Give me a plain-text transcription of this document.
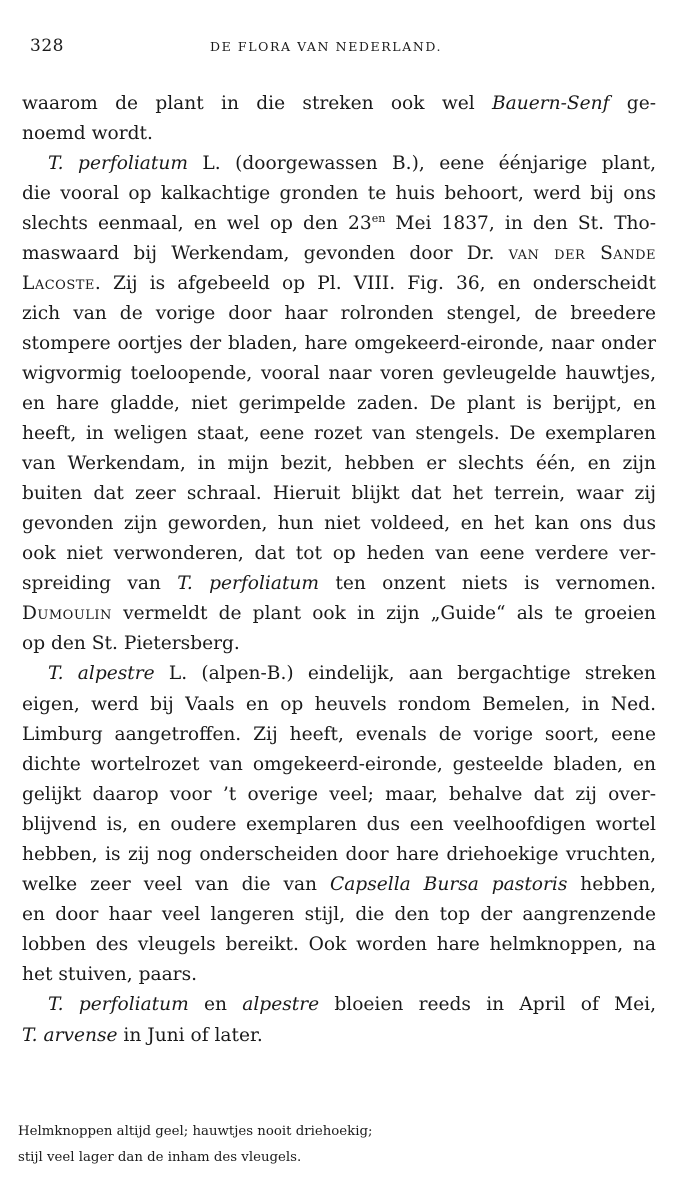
328	DE FLORA VAN NEDERLAND.
waarom de plant in die streken ook wel Bauern-Senf ge-
noemd wordt.
T. perfoliatum L. (doorgewassen B.), eene éénjarige plant,
die vooral op kalkachtige gronden te huis behoort, werd bij ons
slechts eenmaal, en wel op den $23^{en}$ Mei 1837, in den St. Tho-
maswaard bij Werkendam, gevonden door Dr. van der Sande
Lacoste. Zij is afgebeeld op Pl. VIII. Fig. 36, en onderscheidt
zich van de vorige door haar rolronden stengel, de breedere
stompere oortjes der bladen, hare omgekeerd-eironde, naar onder
wigvormig toeloopende, vooral naar voren gevleugelde hauwtjes,
en hare gladde, niet gerimpelde zaden. De plant is berijpt, en
heeft, in weligen staat, eene rozet van stengels. De exemplaren
van Werkendam, in mijn bezit, hebben er slechts één, en zijn
buiten dat zeer schraal. Hieruit blijkt dat het terrein, waar zij
gevonden zijn geworden, hun niet voldeed, en het kan ons dus
ook niet verwonderen, dat tot op heden van eene verdere ver-
spreiding van T. perfoliatum ten onzent niets is vernomen.
Dumoulin vermeldt de plant ook in zijn „Guide“ als te groeien
op den St. Pietersberg.
T. alpestre L. (alpen-B.) eindelijk, aan bergachtige streken
eigen, werd bij Vaals en op heuvels rondom Bemelen, in Ned.
Limburg aangetroffen. Zij heeft, evenals de vorige soort, eene
dichte wortelrozet van omgekeerd-eironde, gesteelde bladen, en
gelijkt daarop voor ’t overige veel; maar, behalve dat zij over-
blijvend is, en oudere exemplaren dus een veelhoofdigen wortel
hebben, is zij nog onderscheiden door hare driehoekige vruchten,
welke zeer veel van die van Capsella Bursa pastoris hebben,
en door haar veel langeren stijl, die den top der aangrenzende
lobben des vleugels bereikt. Ook worden hare helmknoppen, na
het stuiven, paars.
T. perfoliatum en alpestre bloeien reeds in April of Mei,
T. arvense in Juni of later.
Helmknoppen altijd geel; hauwtjes nooit driehoekig;
stijl veel lager dan de inham des vleugels.
